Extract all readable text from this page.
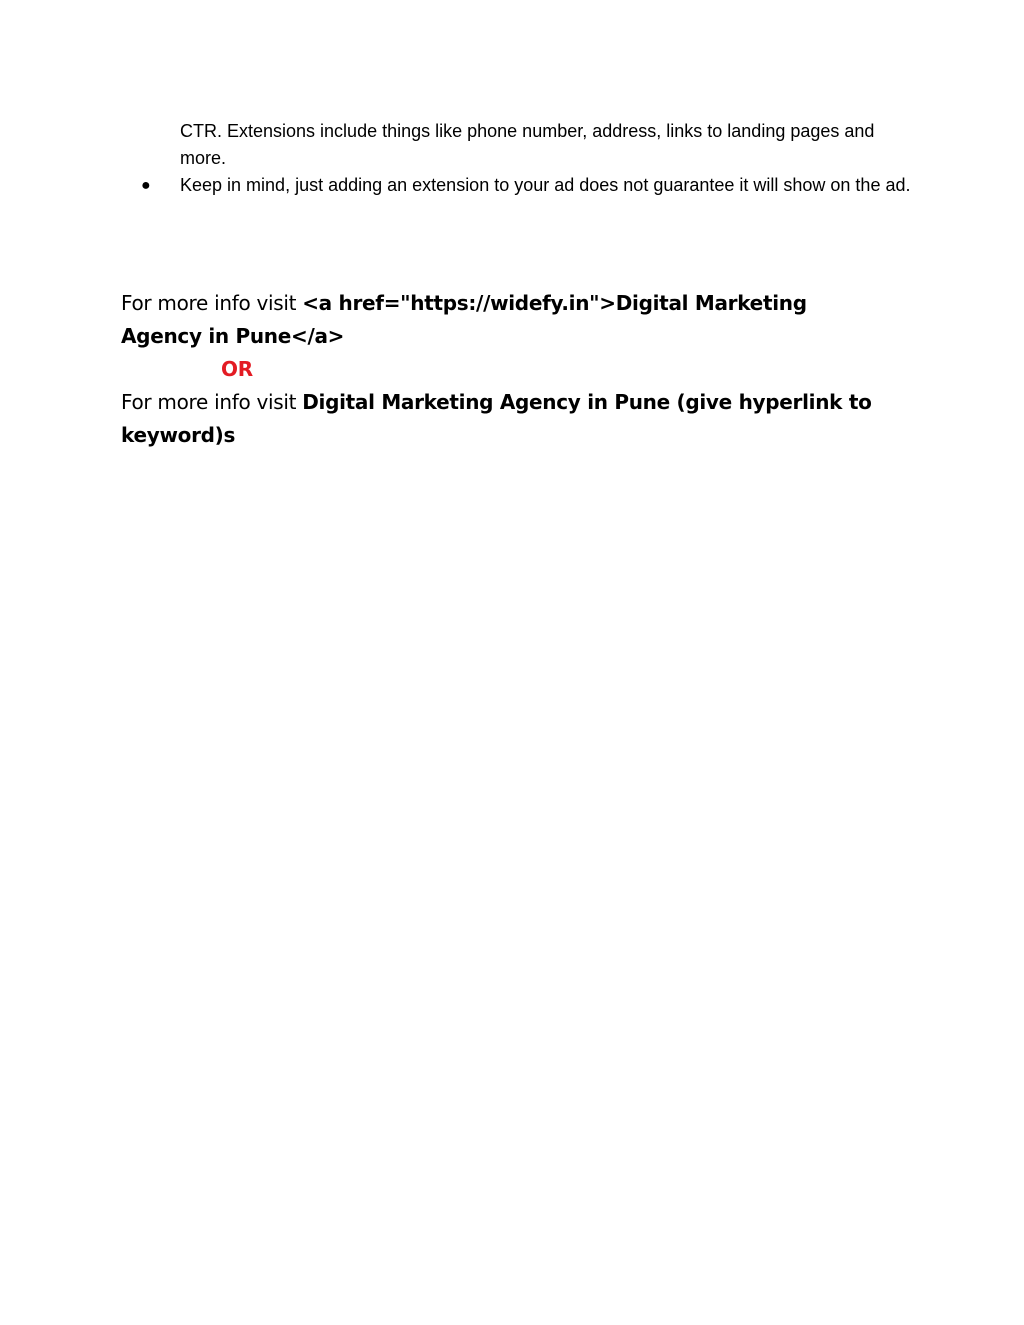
CTR. Extensions include things like phone number, address, links to landing pages and more.
● Keep in mind, just adding an extension to your ad does not guarantee it will show on the ad.
For more info visit <a href="https://widefy.in">Digital Marketing Agency in Pune</a>
OR
For more info visit Digital Marketing Agency in Pune (give hyperlink to keyword)s
